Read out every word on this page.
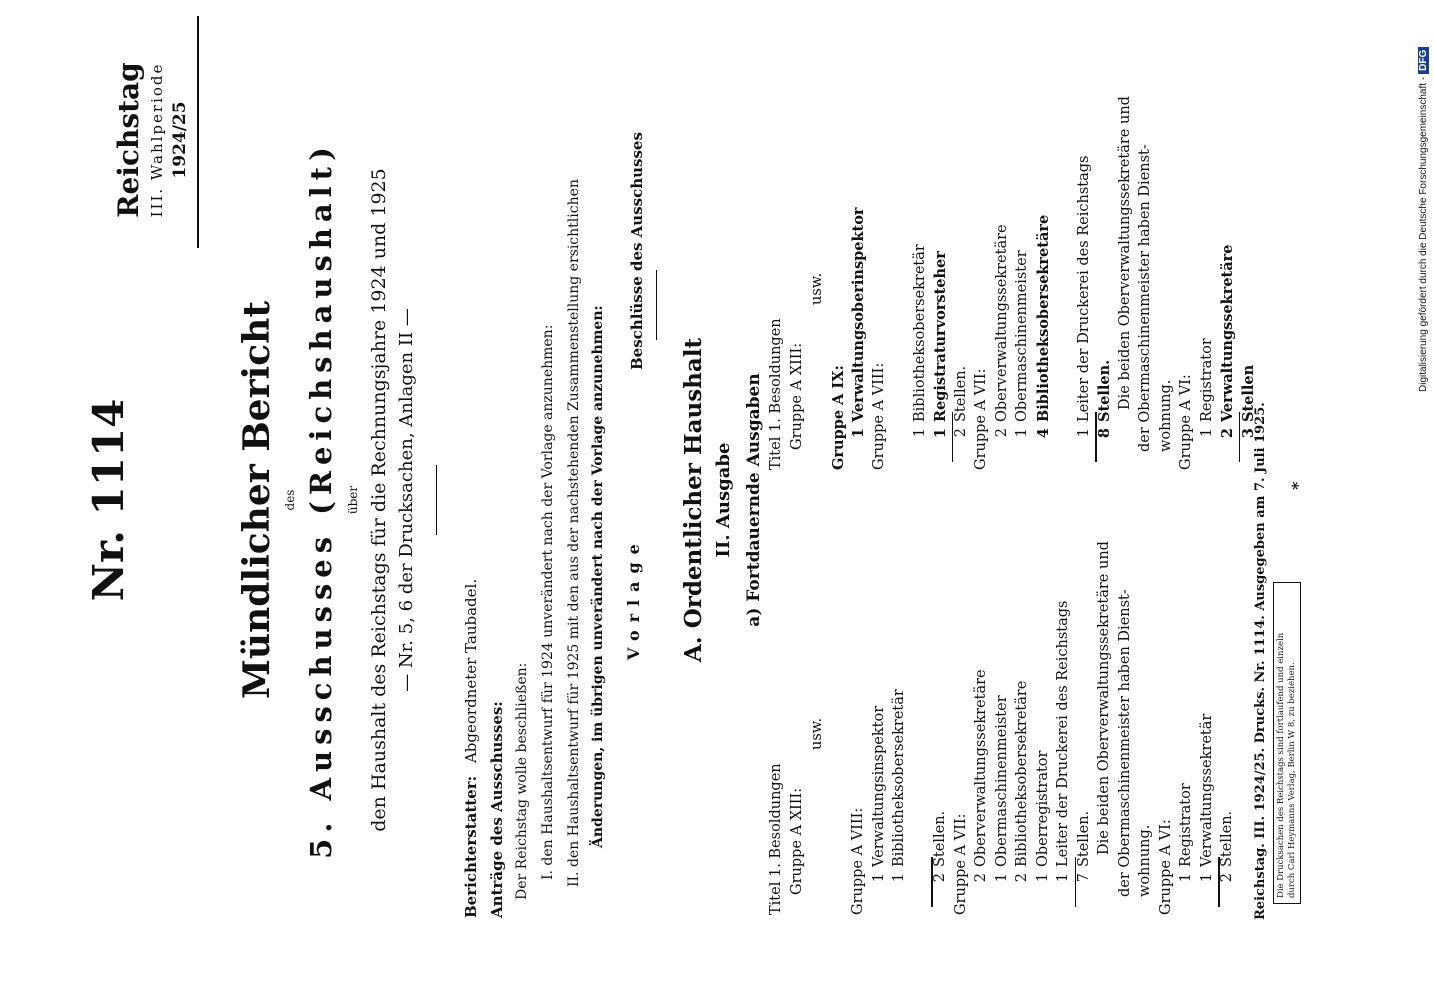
Reichstag III. Wahlperiode 1924/25
Nr. 1114	Mündlicher Bericht des 5. Ausschusses (Reichshaushalt) über den Haushalt des Reichstags für die Rechnungsjahre 1924 und 1925 — Nr. 5, 6 der Drucksachen, Anlagen II —
Berichterstatter: Abgeordneter Taubadel.
Anträge des Ausschusses: Der Reichstag wolle beschließen: I. den Haushaltsentwurf für 1924 unverändert nach der Vorlage anzunehmen: II. den Haushaltsentwurf für 1925 mit den aus der nachstehenden Zusammenstellung ersichtlichen Änderungen, im übrigen unverändert nach der Vorlage anzunehmen: Vorlage
Beschlüsse des Ausschusses
A. Ordentlicher Haushalt II. Ausgabe a) Fortdauernde Ausgaben
Titel 1. Besoldungen Gruppe A XIII:
usw.
Gruppe A VIII: 1Verwaltungsinspektor
1Bibliotheksobersekretär
2Stellen. Gruppe A VII: 2Oberverwaltungssekretäre
1Obermaschinenmeister
2Bibliotheksobersekretäre
1Oberregistrator
1Leiter der Druckerei des Reichstags
7Stellen. Die beiden Oberverwaltungssekretäre und der Obermaschinenmeister haben Dienst- wohnung. Gruppe A VI: 1Registrator
1Verwaltungssekretär
2Stellen.
Titel 1. Besoldungen Gruppe A XIII:
usw.
Gruppe A IX: 1Verwaltungsoberinspektor Gruppe A VIII: 1Bibliotheksobersekretär
1Registraturvorsteher
2Stellen. Gruppe A VII: 2Oberverwaltungssekretäre
1Obermaschinenmeister
4Bibliotheksobersekretäre
1Leiter der Druckerei des Reichstags
8Stellen. Die beiden Oberverwaltungssekretäre und der Obermaschinenmeister haben Dienst- wohnung. Gruppe A VI: 1Registrator
2Verwaltungssekretäre
3Stellen
Reichstag. III. 1924/25. Drucks. Nr. 1114. Ausgegeben am 7. Juli 1925. *
Die Drucksachen des Reichstags sind fortlaufend und einzeln durch Carl Heymanns Verlag, Berlin W 8, zu beziehen.
Digitalisierung gefördert durch die Deutsche Forschungsgemeinschaft -DFG
